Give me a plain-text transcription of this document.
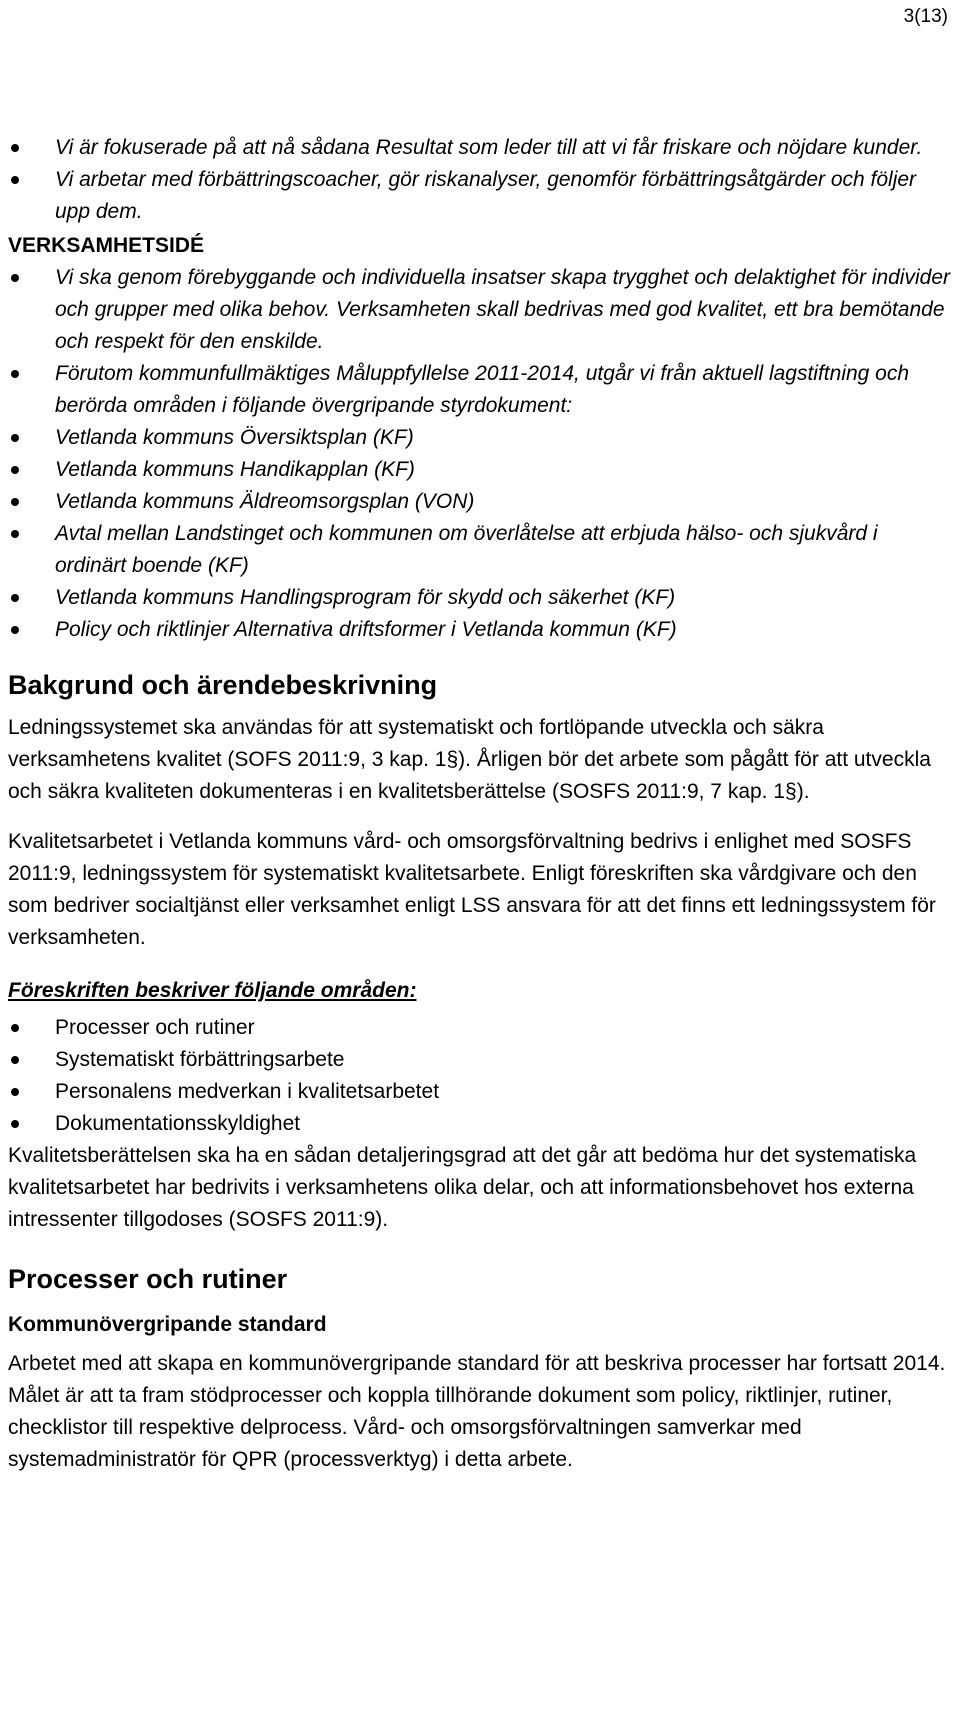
3(13)
Vi är fokuserade på att nå sådana Resultat som leder till att vi får friskare och nöjdare kunder.
Vi arbetar med förbättringscoacher, gör riskanalyser, genomför förbättringsåtgärder och följer upp dem.
VERKSAMHETSIDÉ
Vi ska genom förebyggande och individuella insatser skapa trygghet och delaktighet för individer och grupper med olika behov. Verksamheten skall bedrivas med god kvalitet, ett bra bemötande och respekt för den enskilde.
Förutom kommunfullmäktiges Måluppfyllelse 2011-2014, utgår vi från aktuell lagstiftning och berörda områden i följande övergripande styrdokument:
Vetlanda kommuns Översiktsplan (KF)
Vetlanda kommuns Handikapplan (KF)
Vetlanda kommuns Äldreomsorgsplan (VON)
Avtal mellan Landstinget och kommunen om överlåtelse att erbjuda hälso- och sjukvård i ordinärt boende (KF)
Vetlanda kommuns Handlingsprogram för skydd och säkerhet (KF)
Policy och riktlinjer Alternativa driftsformer i Vetlanda kommun (KF)
Bakgrund och ärendebeskrivning

Ledningssystemet ska användas för att systematiskt och fortlöpande utveckla och säkra verksamhetens kvalitet (SOFS 2011:9, 3 kap. 1§). Årligen bör det arbete som pågått för att utveckla och säkra kvaliteten dokumenteras i en kvalitetsberättelse (SOSFS 2011:9, 7 kap. 1§).

Kvalitetsarbetet i Vetlanda kommuns vård- och omsorgsförvaltning bedrivs i enlighet med SOSFS 2011:9, ledningssystem för systematiskt kvalitetsarbete. Enligt föreskriften ska vårdgivare och den som bedriver socialtjänst eller verksamhet enligt LSS ansvara för att det finns ett ledningssystem för verksamheten.

Föreskriften beskriver följande områden:
Processer och rutiner
Systematiskt förbättringsarbete
Personalens medverkan i kvalitetsarbetet
Dokumentationsskyldighet

Kvalitetsberättelsen ska ha en sådan detaljeringsgrad att det går att bedöma hur det systematiska kvalitetsarbetet har bedrivits i verksamhetens olika delar, och att informationsbehovet hos externa intressenter tillgodoses (SOSFS 2011:9).

Processer och rutiner
Kommunövergripande standard

Arbetet med att skapa en kommunövergripande standard för att beskriva processer har fortsatt 2014. Målet är att ta fram stödprocesser och koppla tillhörande dokument som policy, riktlinjer, rutiner, checklistor till respektive delprocess. Vård- och omsorgsförvaltningen samverkar med systemadministratör för QPR (processverktyg) i detta arbete.
